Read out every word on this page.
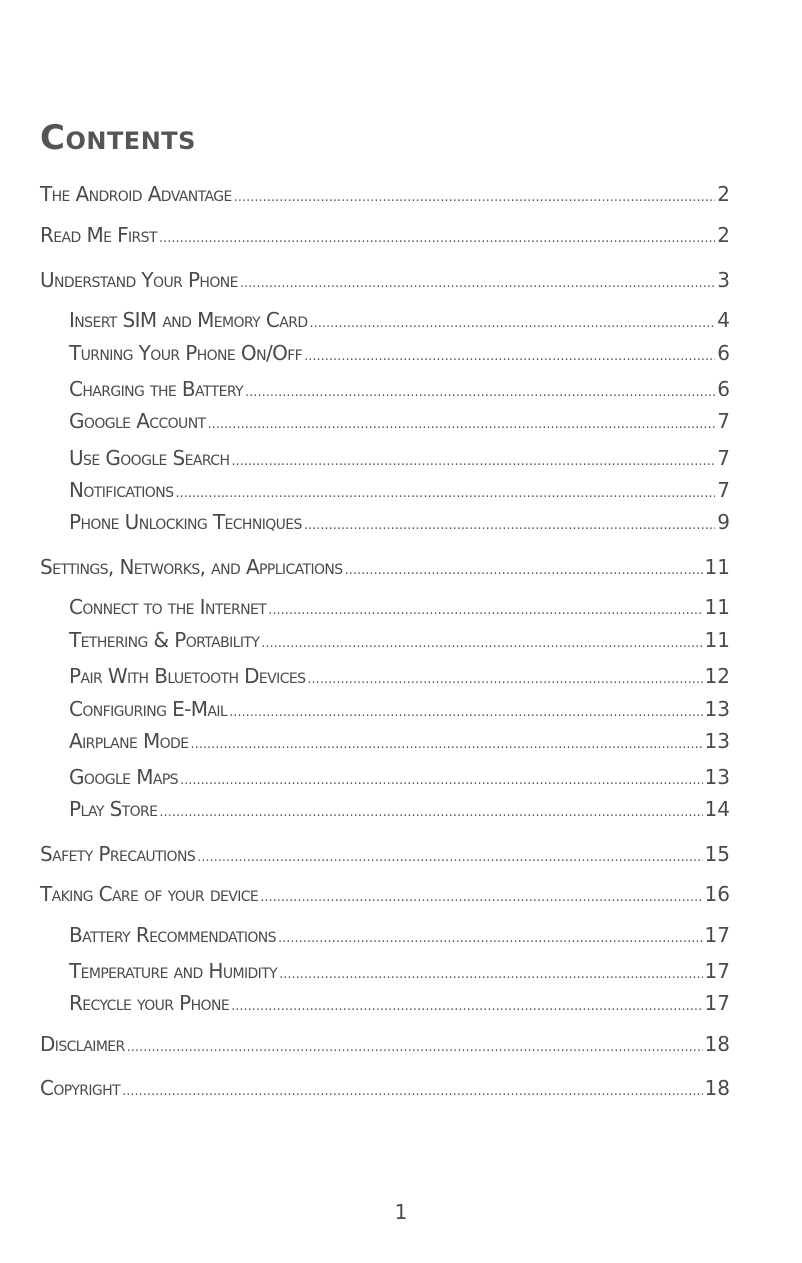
Contents
The Android Advantage .....	2
Read Me First .....	2
Understand Your Phone .....	3
Insert SIM and Memory Card .....	4
Turning Your Phone On/Off .....	6
Charging the Battery .....	6
Google Account .....	7
Use Google Search .....	7
Notifications .....	7
Phone Unlocking Techniques .....	9
Settings, Networks, and Applications .....	11
Connect to the Internet .....	11
Tethering & Portability .....	11
Pair With Bluetooth Devices .....	12
Configuring E-Mail .....	13
Airplane Mode .....	13
Google Maps .....	13
Play Store .....	14
Safety Precautions .....	15
Taking Care of your device .....	16
Battery Recommendations .....	17
Temperature and Humidity .....	17
Recycle your Phone .....	17
Disclaimer .....	18
Copyright .....	18
1
